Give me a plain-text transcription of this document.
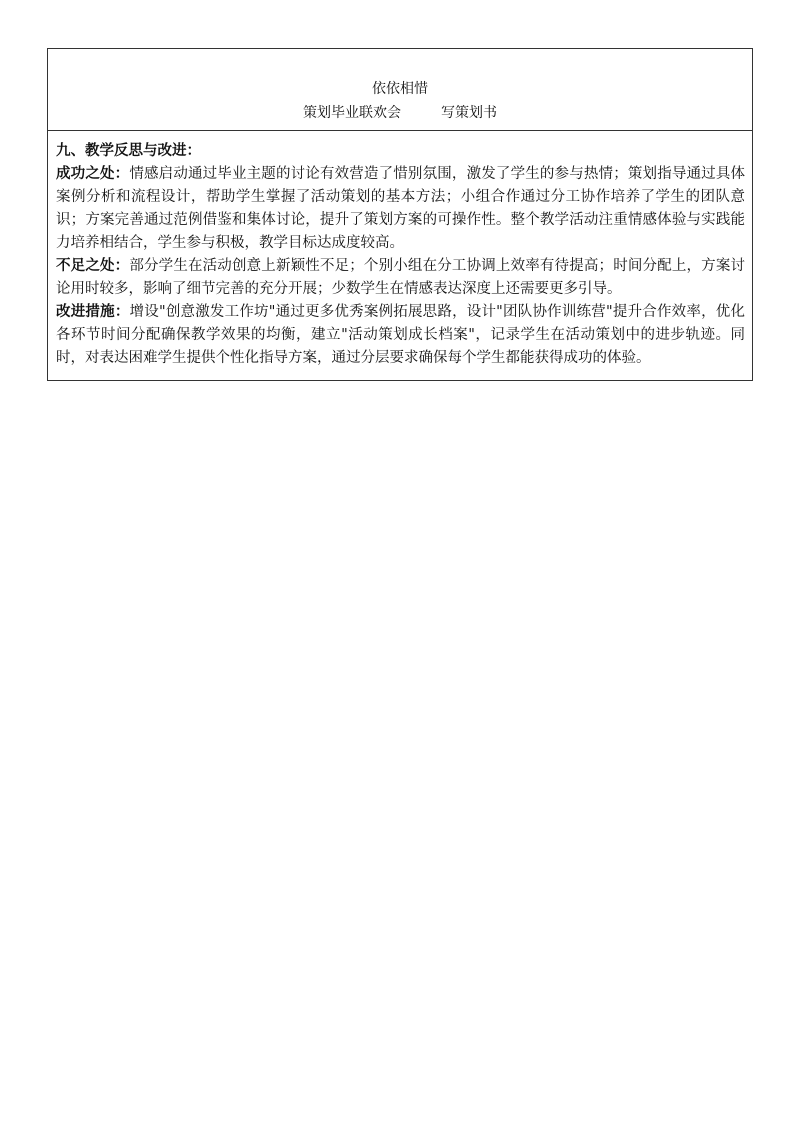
依依相惜
策划毕业联欢会	写策划书
九、教学反思与改进：

成功之处：情感启动通过毕业主题的讨论有效营造了惜别氛围，激发了学生的参与热情；策划指导通过具体案例分析和流程设计，帮助学生掌握了活动策划的基本方法；小组合作通过分工协作培养了学生的团队意识；方案完善通过范例借鉴和集体讨论，提升了策划方案的可操作性。整个教学活动注重情感体验与实践能力培养相结合，学生参与积极，教学目标达成度较高。

不足之处：部分学生在活动创意上新颖性不足；个别小组在分工协调上效率有待提高；时间分配上，方案讨论用时较多，影响了细节完善的充分开展；少数学生在情感表达深度上还需要更多引导。

改进措施：增设"创意激发工作坊"通过更多优秀案例拓展思路，设计"团队协作训练营"提升合作效率，优化各环节时间分配确保教学效果的均衡，建立"活动策划成长档案"，记录学生在活动策划中的进步轨迹。同时，对表达困难学生提供个性化指导方案，通过分层要求确保每个学生都能获得成功的体验。
